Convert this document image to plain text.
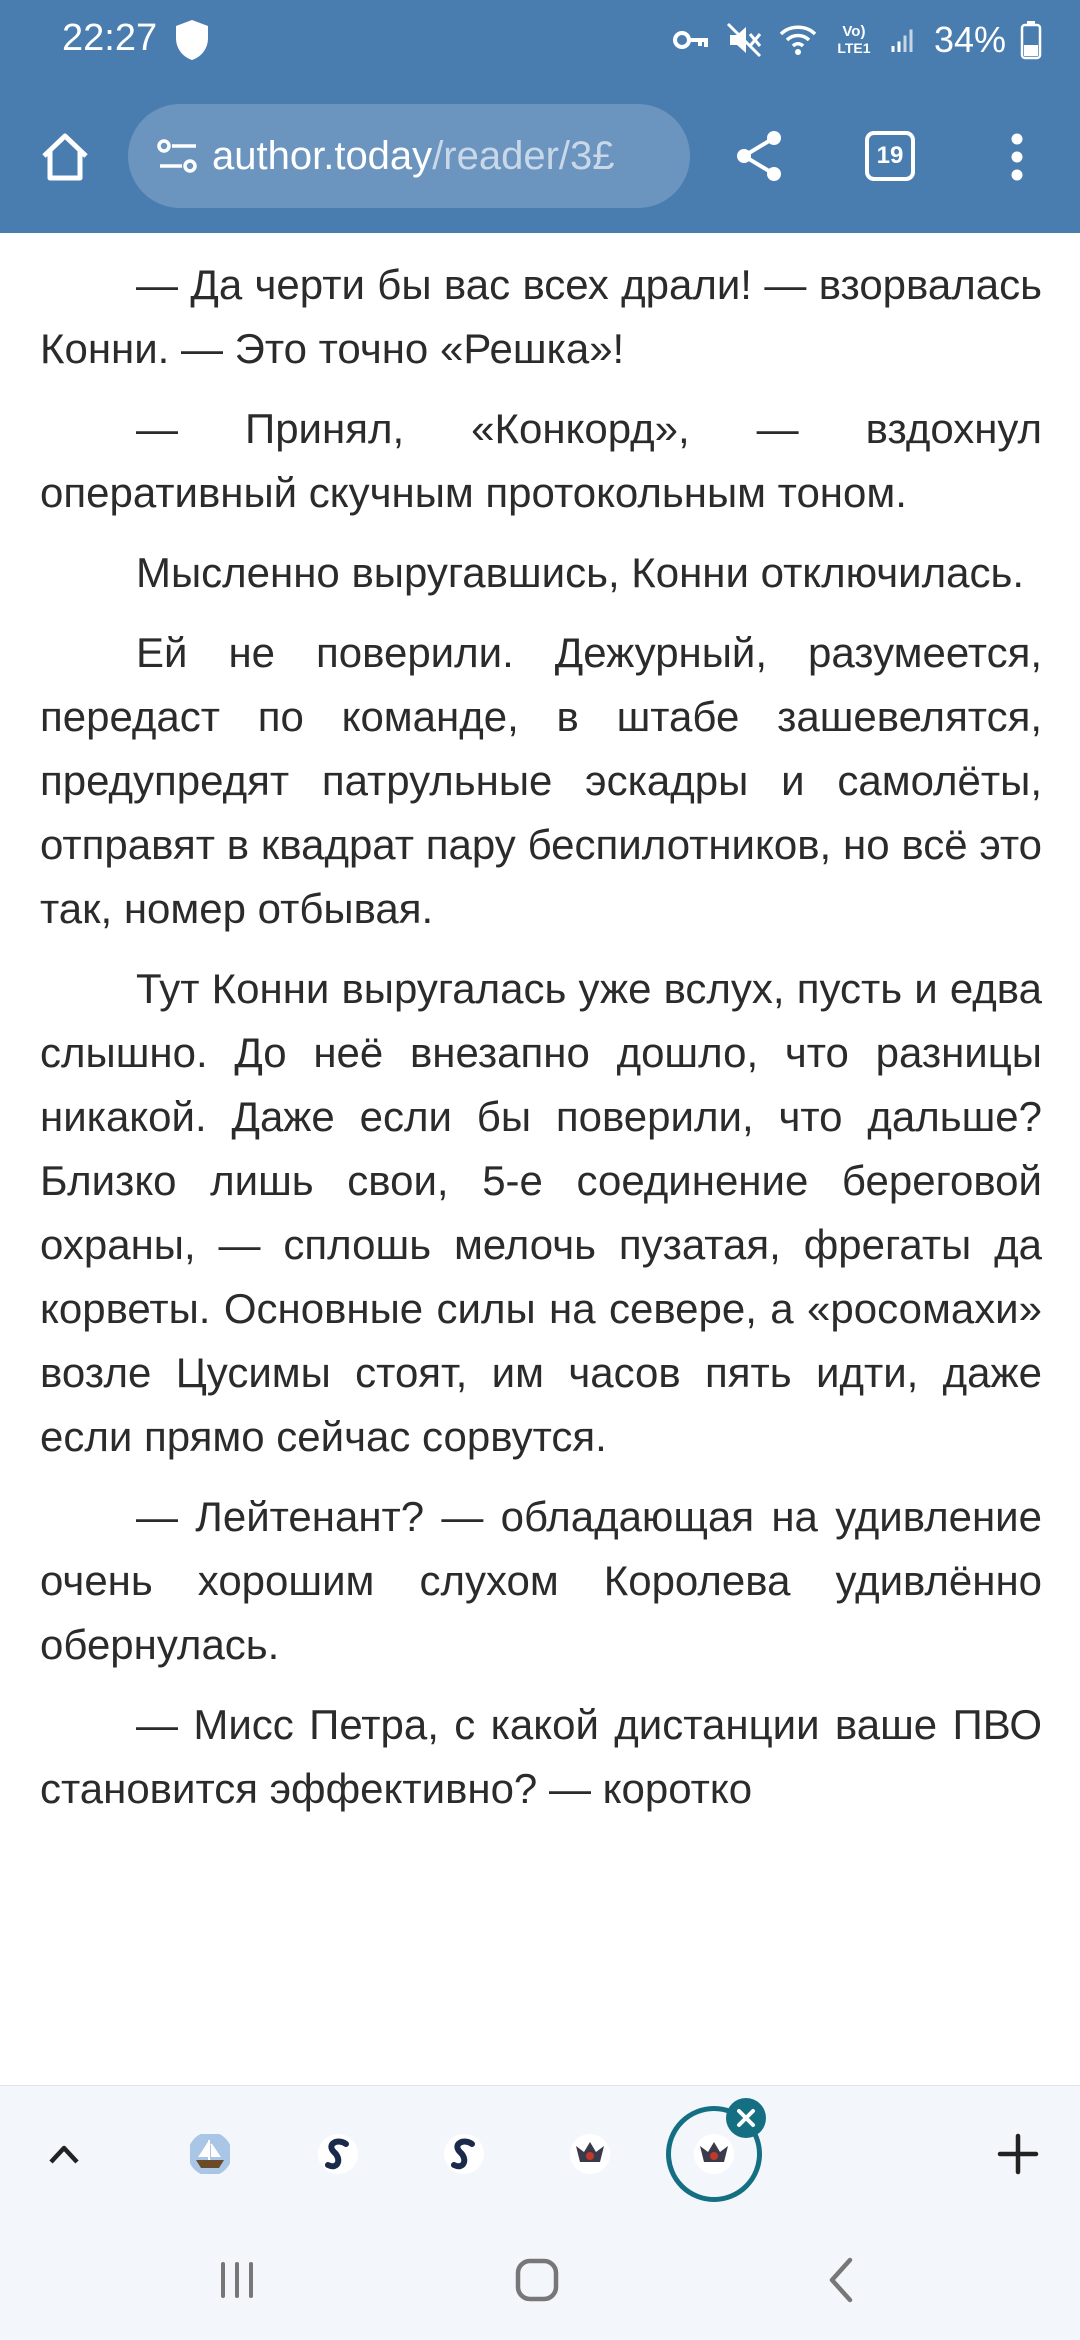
22:27	Vo)
LTE1 34%
author.today/reader/3£	19

— Да черти бы вас всех драли! — взорвалась Конни. — Это точно «Решка»!

— Принял, «Конкорд», — вздохнул оперативный скучным протокольным тоном.

Мысленно выругавшись, Конни отключилась.

Ей не поверили. Дежурный, разумеется, передаст по команде, в штабе зашевелятся, предупредят патрульные эскадры и самолёты, отправят в квадрат пару беспилотников, но всё это так, номер отбывая.

Тут Конни выругалась уже вслух, пусть и едва слышно. До неё внезапно дошло, что разницы никакой. Даже если бы поверили, что дальше? Близко лишь свои, 5-е соединение береговой охраны, — сплошь мелочь пузатая, фрегаты да корветы. Основные силы на севере, а «росомахи» возле Цусимы стоят, им часов пять идти, даже если прямо сейчас сорвутся.

— Лейтенант? — обладающая на удивление очень хорошим слухом Королева удивлённо обернулась.

— Мисс Петра, с какой дистанции ваше ПВО становится эффективно? — коротко
